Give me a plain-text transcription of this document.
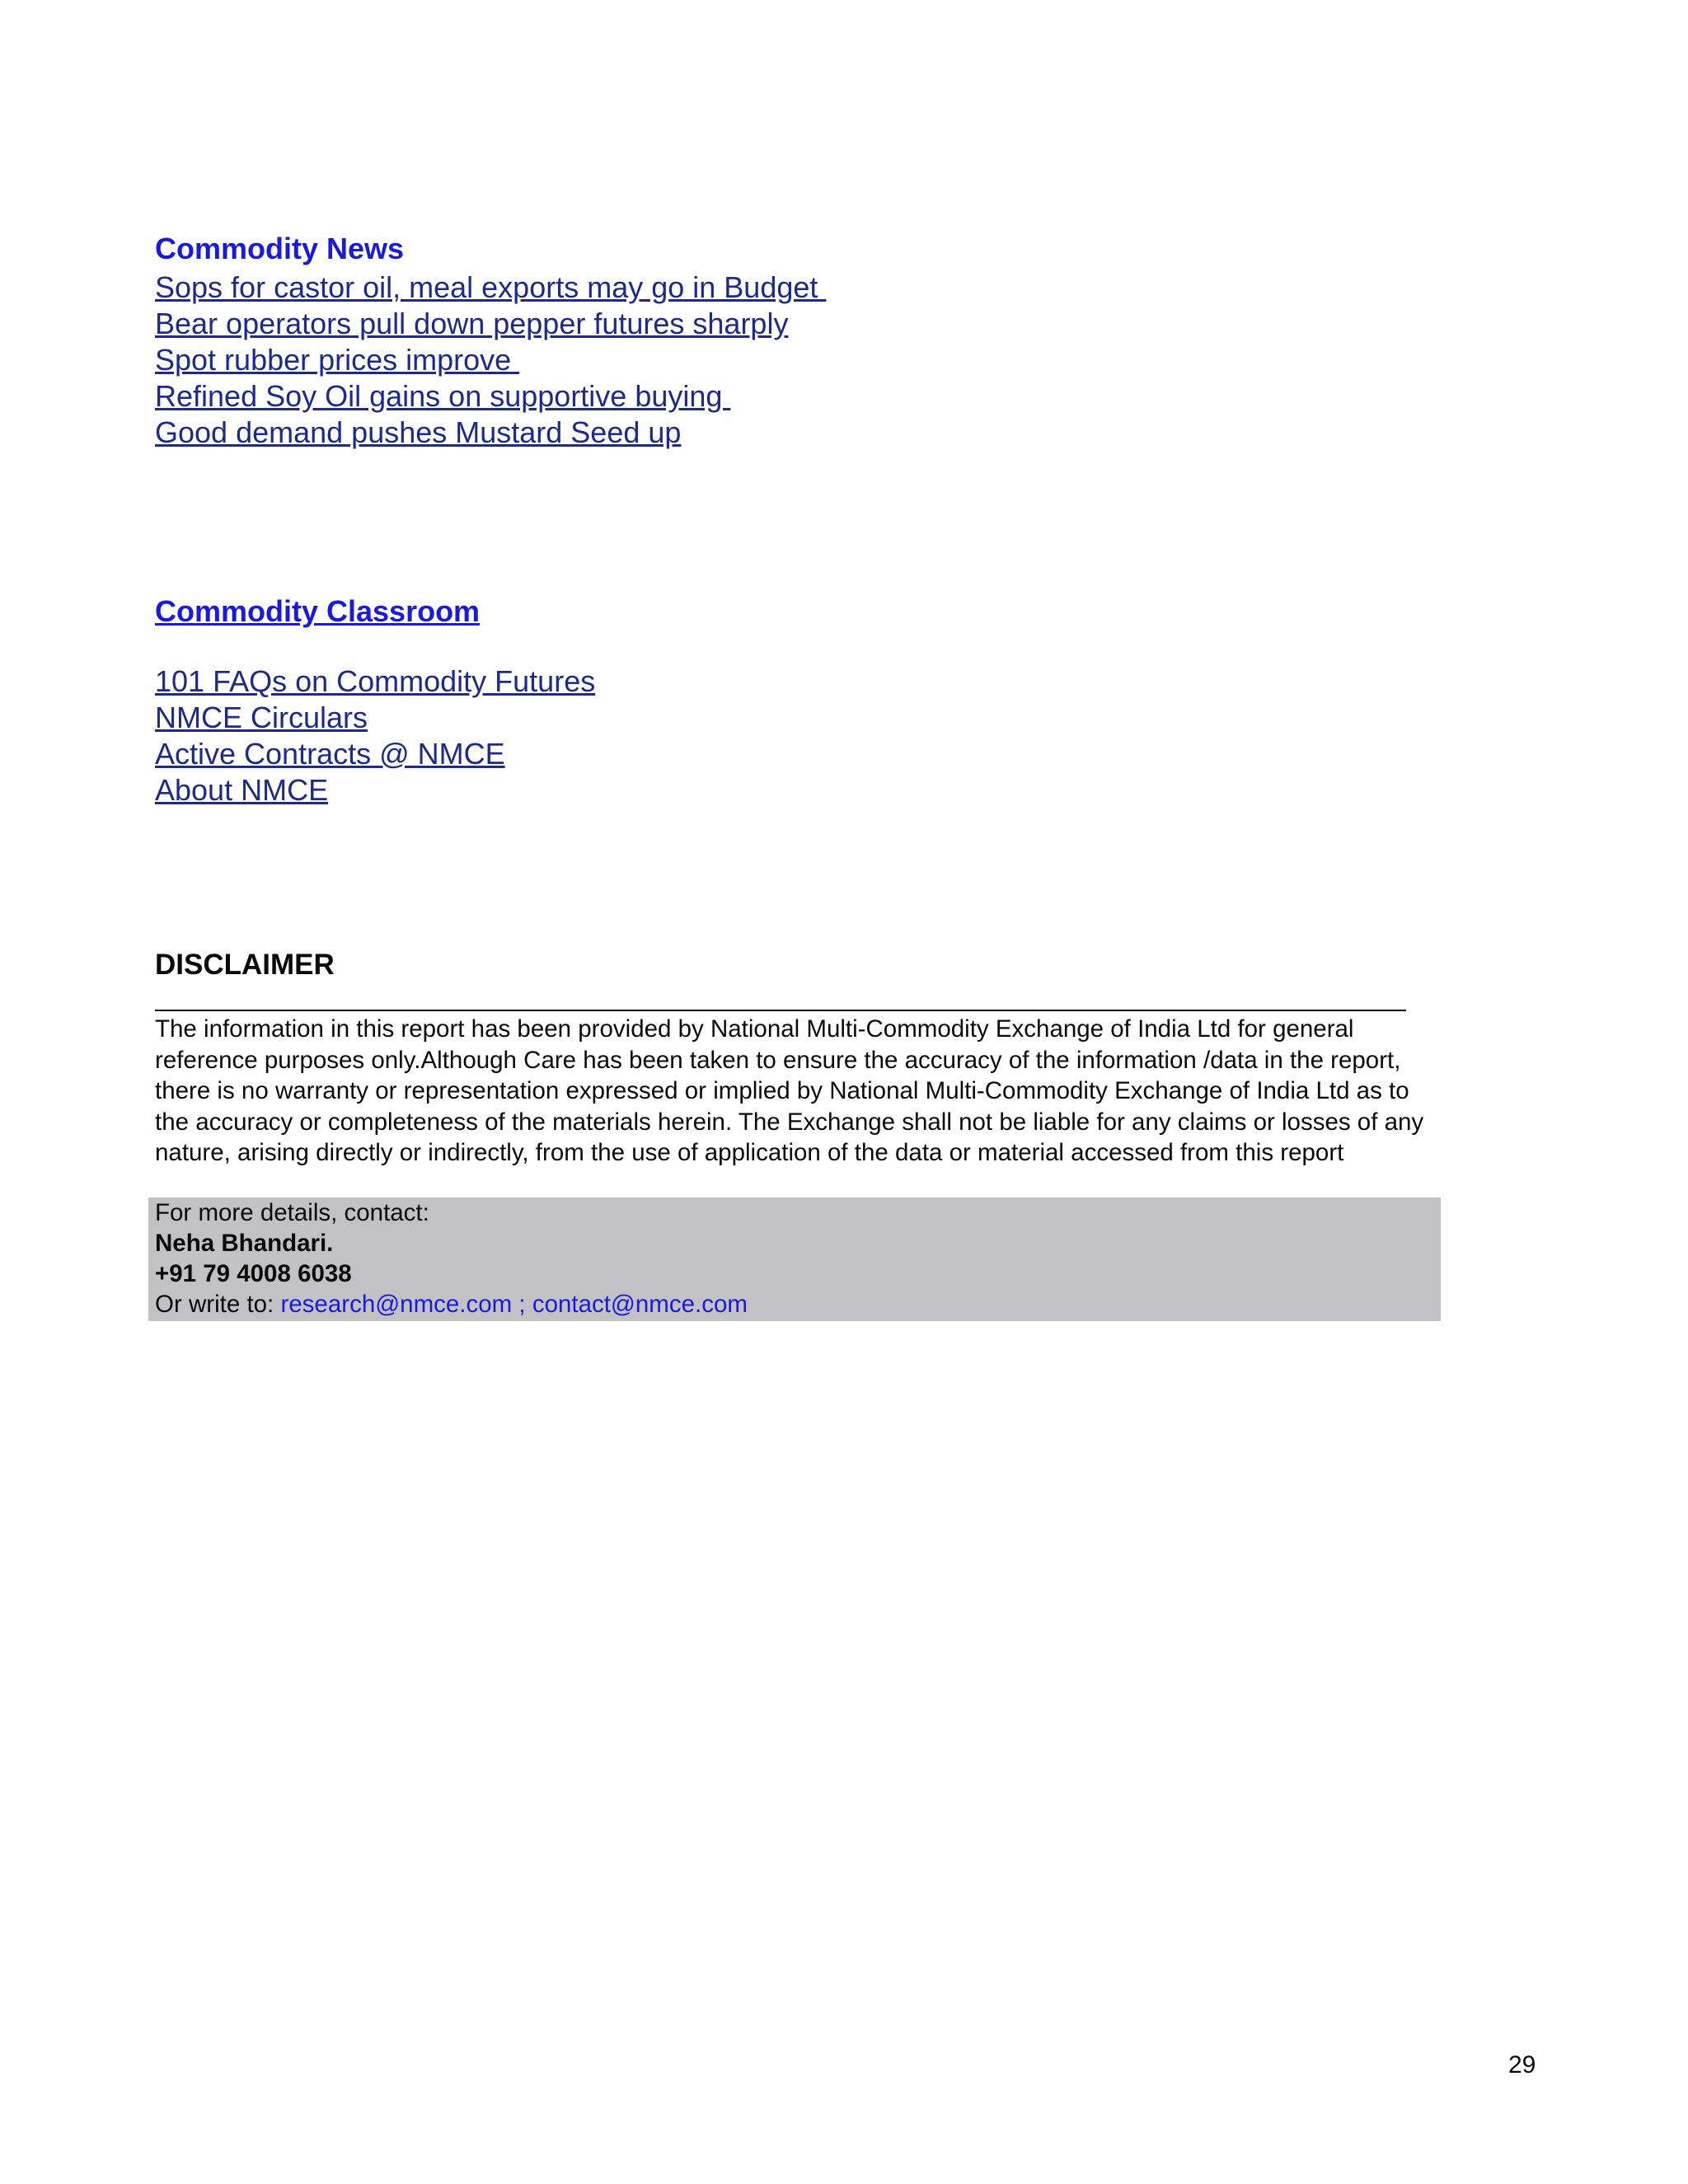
Commodity News
Sops for castor oil, meal exports may go in Budget
Bear operators pull down pepper futures sharply
Spot rubber prices improve
Refined Soy Oil gains on supportive buying
Good demand pushes Mustard Seed up
Commodity Classroom
101 FAQs on Commodity Futures
NMCE Circulars
Active Contracts @ NMCE
About NMCE
DISCLAIMER

The information in this report has been provided by National Multi-Commodity Exchange of India Ltd for general reference purposes only.Although Care has been taken to ensure the accuracy of the information /data in the report, there is no warranty or representation expressed or implied by National Multi-Commodity Exchange of India Ltd as to the accuracy or completeness of the materials herein. The Exchange shall not be liable for any claims or losses of any nature, arising directly or indirectly, from the use of application of the data or material accessed from this report

For more details, contact:
Neha Bhandari.
+91 79 4008 6038
Or write to: research@nmce.com ; contact@nmce.com
29
